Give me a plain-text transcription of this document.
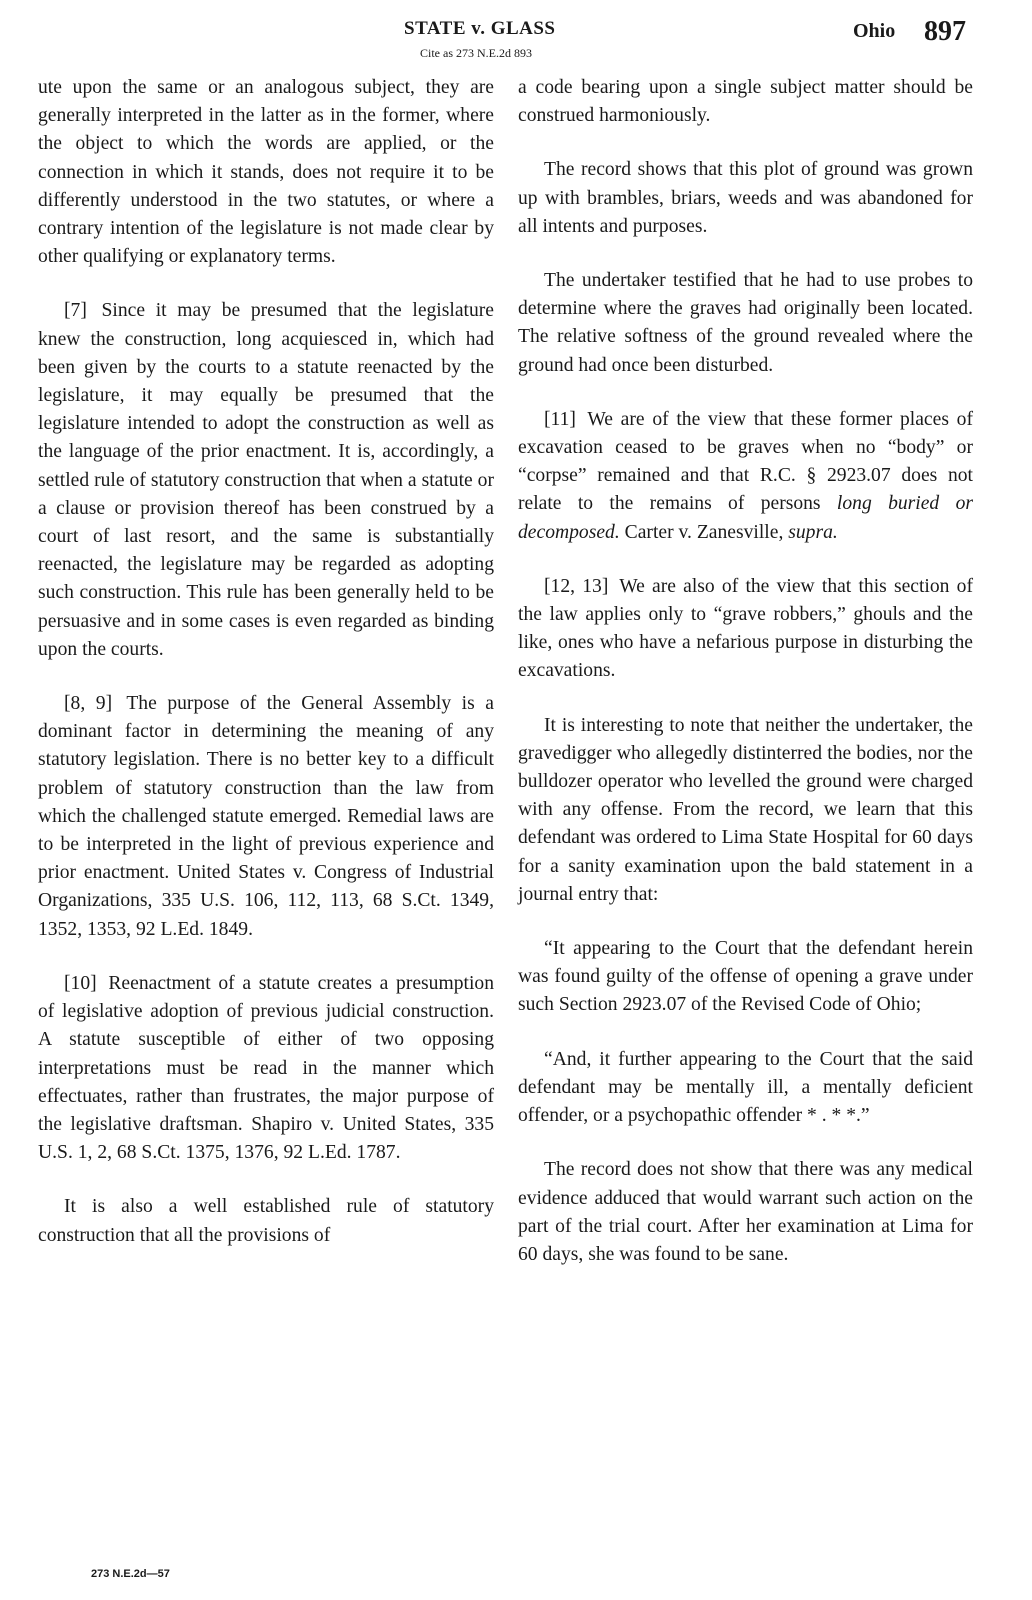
STATE v. GLASS
Cite as 273 N.E.2d 893
Ohio 897

ute upon the same or an analogous subject, they are generally interpreted in the latter as in the former, where the object to which the words are applied, or the connection in which it stands, does not require it to be differently understood in the two statutes, or where a contrary intention of the legislature is not made clear by other qualifying or explanatory terms.

[7] Since it may be presumed that the legislature knew the construction, long acquiesced in, which had been given by the courts to a statute reenacted by the legislature, it may equally be presumed that the legislature intended to adopt the construction as well as the language of the prior enactment. It is, accordingly, a settled rule of statutory construction that when a statute or a clause or provision thereof has been construed by a court of last resort, and the same is substantially reenacted, the legislature may be regarded as adopting such construction. This rule has been generally held to be persuasive and in some cases is even regarded as binding upon the courts.

[8, 9] The purpose of the General Assembly is a dominant factor in determining the meaning of any statutory legislation. There is no better key to a difficult problem of statutory construction than the law from which the challenged statute emerged. Remedial laws are to be interpreted in the light of previous experience and prior enactment. United States v. Congress of Industrial Organizations, 335 U.S. 106, 112, 113, 68 S.Ct. 1349, 1352, 1353, 92 L.Ed. 1849.

[10] Reenactment of a statute creates a presumption of legislative adoption of previous judicial construction. A statute susceptible of either of two opposing interpretations must be read in the manner which effectuates, rather than frustrates, the major purpose of the legislative draftsman. Shapiro v. United States, 335 U.S. 1, 2, 68 S.Ct. 1375, 1376, 92 L.Ed. 1787.

It is also a well established rule of statutory construction that all the provisions of

a code bearing upon a single subject matter should be construed harmoniously.

The record shows that this plot of ground was grown up with brambles, briars, weeds and was abandoned for all intents and purposes.

The undertaker testified that he had to use probes to determine where the graves had originally been located. The relative softness of the ground revealed where the ground had once been disturbed.

[11] We are of the view that these former places of excavation ceased to be graves when no “body” or “corpse” remained and that R.C. § 2923.07 does not relate to the remains of persons long buried or decomposed. Carter v. Zanesville, supra.

[12, 13] We are also of the view that this section of the law applies only to “grave robbers,” ghouls and the like, ones who have a nefarious purpose in disturbing the excavations.

It is interesting to note that neither the undertaker, the gravedigger who allegedly distinterred the bodies, nor the bulldozer operator who levelled the ground were charged with any offense. From the record, we learn that this defendant was ordered to Lima State Hospital for 60 days for a sanity examination upon the bald statement in a journal entry that:

“It appearing to the Court that the defendant herein was found guilty of the offense of opening a grave under such Section 2923.07 of the Revised Code of Ohio;

“And, it further appearing to the Court that the said defendant may be mentally ill, a mentally deficient offender, or a psychopathic offender * . * *.”

The record does not show that there was any medical evidence adduced that would warrant such action on the part of the trial court. After her examination at Lima for 60 days, she was found to be sane.

273 N.E.2d—57
